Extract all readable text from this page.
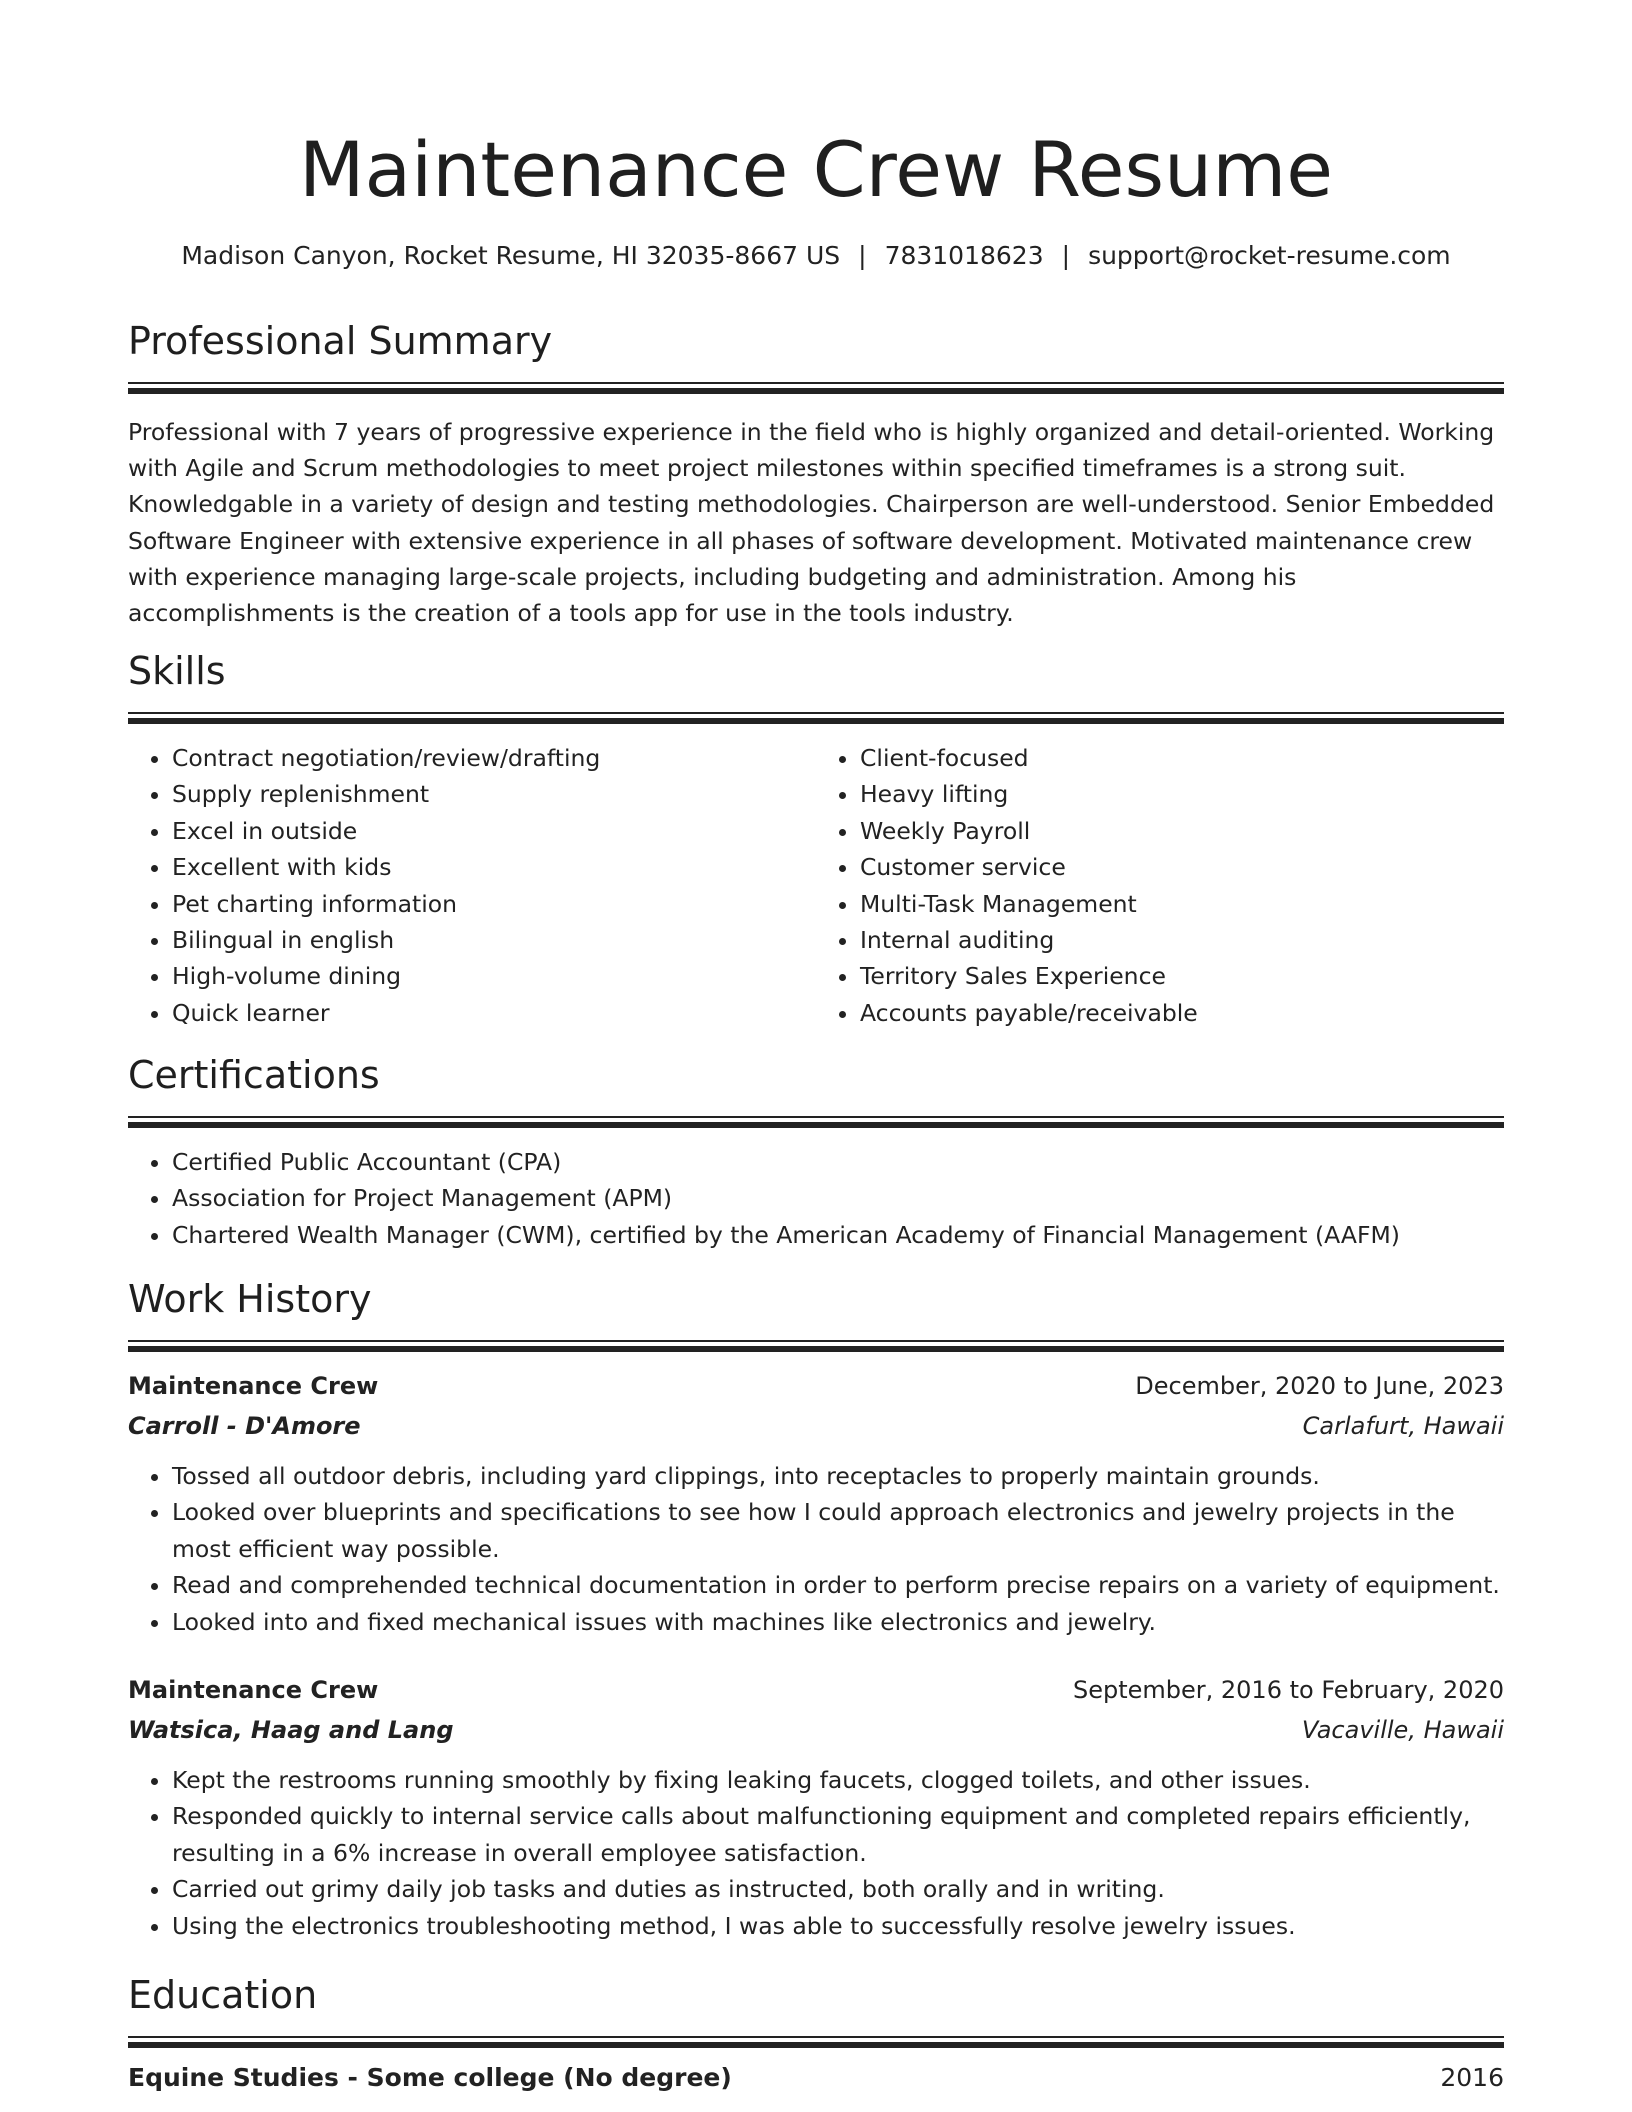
Maintenance Crew Resume
Madison Canyon, Rocket Resume, HI 32035-8667 US | 7831018623 | support@rocket-resume.com
Professional Summary

Professional with 7 years of progressive experience in the field who is highly organized and detail-oriented. Working with Agile and Scrum methodologies to meet project milestones within specified timeframes is a strong suit. Knowledgable in a variety of design and testing methodologies. Chairperson are well-understood. Senior Embedded Software Engineer with extensive experience in all phases of software development. Motivated maintenance crew with experience managing large-scale projects, including budgeting and administration. Among his accomplishments is the creation of a tools app for use in the tools industry.

Skills
• Contract negotiation/review/drafting
• Supply replenishment
• Excel in outside
• Excellent with kids
• Pet charting information
• Bilingual in english
• High-volume dining
• Quick learner
• Client-focused
• Heavy lifting
• Weekly Payroll
• Customer service
• Multi-Task Management
• Internal auditing
• Territory Sales Experience
• Accounts payable/receivable
Certifications
• Certified Public Accountant (CPA)
• Association for Project Management (APM)
• Chartered Wealth Manager (CWM), certified by the American Academy of Financial Management (AAFM)
Work History
Maintenance Crew	December, 2020 to June, 2023
Carroll - D'Amore	Carlafurt, Hawaii
• Tossed all outdoor debris, including yard clippings, into receptacles to properly maintain grounds.
• Looked over blueprints and specifications to see how I could approach electronics and jewelry projects in the most efficient way possible.
• Read and comprehended technical documentation in order to perform precise repairs on a variety of equipment.
• Looked into and fixed mechanical issues with machines like electronics and jewelry.
Maintenance Crew	September, 2016 to February, 2020
Watsica, Haag and Lang	Vacaville, Hawaii
• Kept the restrooms running smoothly by fixing leaking faucets, clogged toilets, and other issues.
• Responded quickly to internal service calls about malfunctioning equipment and completed repairs efficiently, resulting in a 6% increase in overall employee satisfaction.
• Carried out grimy daily job tasks and duties as instructed, both orally and in writing.
• Using the electronics troubleshooting method, I was able to successfully resolve jewelry issues.
Education
Equine Studies - Some college (No degree)	2016
